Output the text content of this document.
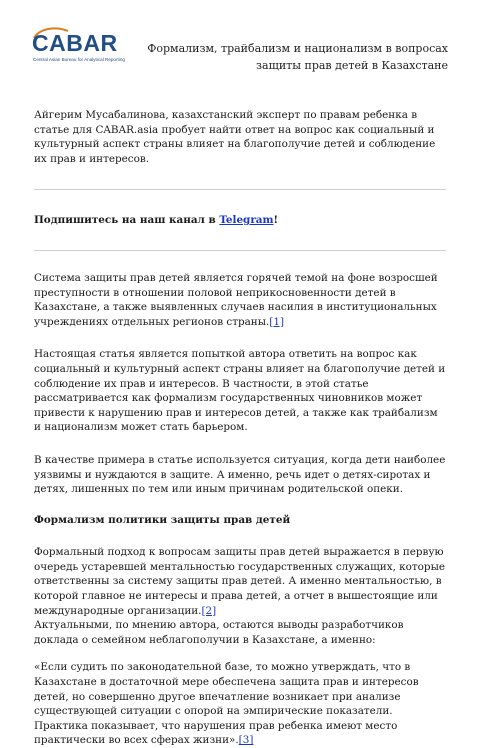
CABAR
Central Asian Bureau for Analytical Reporting
Формализм, трайбализм и национализм в вопросах защиты прав детей в Казахстане

Айгерим Мусабалинова, казахстанский эксперт по правам ребенка в статье для CABAR.asia пробует найти ответ на вопрос как социальный и культурный аспект страны влияет на благополучие детей и соблюдение их прав и интересов.

Подпишитесь на наш канал в Telegram!

Система защиты прав детей является горячей темой на фоне возросшей преступности в отношении половой неприкосновенности детей в Казахстане, а также выявленных случаев насилия в институциональных учреждениях отдельных регионов страны.[1]

Настоящая статья является попыткой автора ответить на вопрос как социальный и культурный аспект страны влияет на благополучие детей и соблюдение их прав и интересов. В частности, в этой статье рассматривается как формализм государственных чиновников может привести к нарушению прав и интересов детей, а также как трайбализм и национализм может стать барьером.

В качестве примера в статье используется ситуация, когда дети наиболее уязвимы и нуждаются в защите. А именно, речь идет о детях-сиротах и детях, лишенных по тем или иным причинам родительской опеки.

Формализм политики защиты прав детей

Формальный подход к вопросам защиты прав детей выражается в первую очередь устаревшей ментальностью государственных служащих, которые ответственны за систему защиты прав детей. А именно ментальностью, в которой главное не интересы и права детей, а отчет в вышестоящие или международные организации.[2]
Актуальными, по мнению автора, остаются выводы разработчиков доклада о семейном неблагополучии в Казахстане, а именно:

«Если судить по законодательной базе, то можно утверждать, что в Казахстане в достаточной мере обеспечена защита прав и интересов детей, но совершенно другое впечатление возникает при анализе существующей ситуации с опорой на эмпирические показатели. Практика показывает, что нарушения прав ребенка имеют место практически во всех сферах жизни».[3]
